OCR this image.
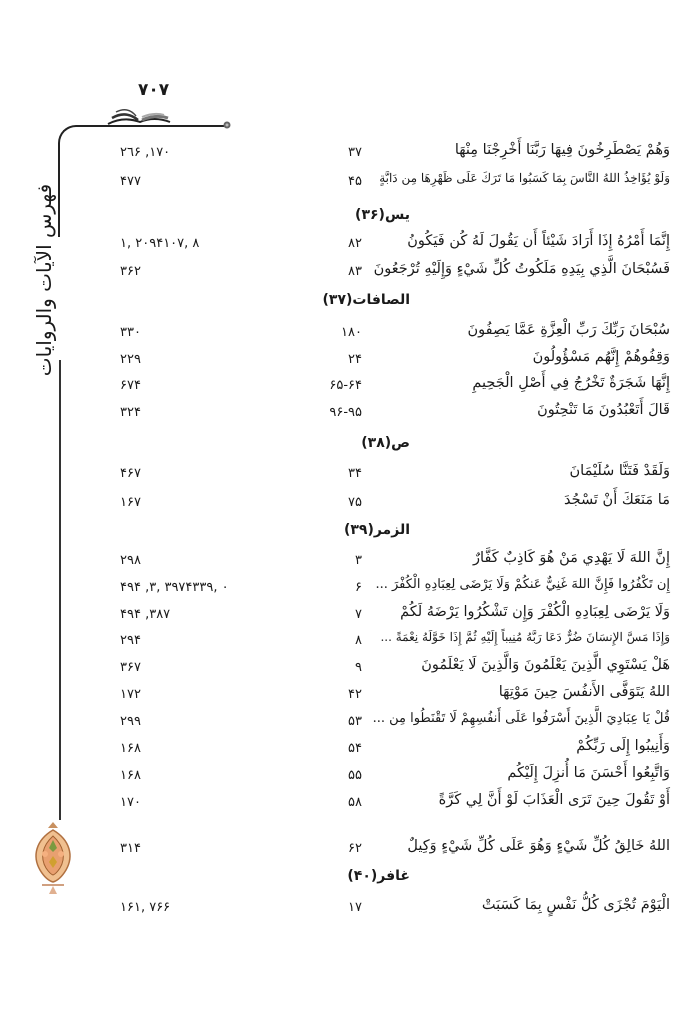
٧٠٧
فهرس الآيات والروايات
وَهُمْ يَصْطَرِخُونَ فِيهَا رَبَّنَا أَخْرِجْنَا مِنْهَا
٣٧
٢٦۶ ,١٧٠
وَلَوْ يُؤَاخِذُ اللهُ النَّاسَ بِمَا كَسَبُوا مَا تَرَكَ عَلَى ظَهْرِهَا مِن دَابَّةٍ
۴۵
۴٧٧
يس(٣۶)
إِنَّمَا أَمْرُهُ إِذَا أَرَادَ شَيْئاً أَن يَقُولَ لَهُ كُن فَيَكُونُ
٨٢
٢٠٩ ,١۴٨ ,١٠٧
فَسُبْحَانَ الَّذِي بِيَدِهِ مَلَكُوتُ كُلِّ شَيْءٍ وَإِلَيْهِ تُرْجَعُونَ
٨٣
٣۶٢
الصافات(٣٧)
سُبْحَانَ رَبِّكَ رَبِّ الْعِزَّةِ عَمَّا يَصِفُونَ
١٨٠
٣٣٠
وَقِفُوهُمْ إِنَّهُم مَسْؤُولُونَ
٢۴
٢٢٩
إِنَّهَا شَجَرَةٌ تَخْرُجُ فِي أَصْلِ الْجَحِيمِ
۶۵-۶۴
۶٧۴
قَالَ أَتَعْبُدُونَ مَا تَنْحِتُونَ
٩۶-٩۵
٣٢۴
ص(٣٨)
وَلَقَدْ فَتَنَّا سُلَيْمَانَ
٣۴
۴۶٧
مَا مَنَعَكَ أَنْ تَسْجُدَ
٧۵
١۶٧
الزمر(٣٩)
إِنَّ اللهَ لَا يَهْدِي مَنْ هُوَ كَاذِبٌ كَفَّارٌ
٣
٢٩٨
إِن تَكْفُرُوا فَإِنَّ اللهَ غَنِيٌّ عَنكُمْ وَلَا يَرْضَى لِعِبَادِهِ الْكُفْرَ ...
۶
۴٩۴ ,٣٩٧ ,٣۴٠ ,٣٣٩
وَلَا يَرْضَى لِعِبَادِهِ الْكُفْرَ وَإِن تَشْكُرُوا يَرْضَهُ لَكُمْ
٧
۴٩۴ ,٣٨٧
وَإِذَا مَسَّ الإِنسَانَ ضُرٌّ دَعَا رَبَّهُ مُنِيباً إِلَيْهِ ثُمَّ إِذَا خَوَّلَهُ نِعْمَةً ...
٨
٢٩۴
هَلْ يَسْتَوِي الَّذِينَ يَعْلَمُونَ وَالَّذِينَ لَا يَعْلَمُونَ
٩
٣۶٧
اللهُ يَتَوَفَّى الأَنفُسَ حِينَ مَوْتِهَا
۴٢
١٧٢
قُلْ يَا عِبَادِيَ الَّذِينَ أَسْرَفُوا عَلَى أَنفُسِهِمْ لَا تَقْنَطُوا مِن ...
۵٣
٢٩٩
وَأَنِيبُوا إِلَى رَبِّكُمْ
۵۴
١۶٨
وَاتَّبِعُوا أَحْسَنَ مَا أُنزِلَ إِلَيْكُم
۵۵
١۶٨
أَوْ تَقُولَ حِينَ تَرَى الْعَذَابَ لَوْ أَنَّ لِي كَرَّةً
۵٨
١٧٠
اللهُ خَالِقُ كُلِّ شَيْءٍ وَهُوَ عَلَى كُلِّ شَيْءٍ وَكِيلٌ
۶٢
٣١۴
غافر(۴٠)
الْيَوْمَ تُجْزَى كُلُّ نَفْسٍ بِمَا كَسَبَتْ
١٧
١۶٧ ,١۶۶
